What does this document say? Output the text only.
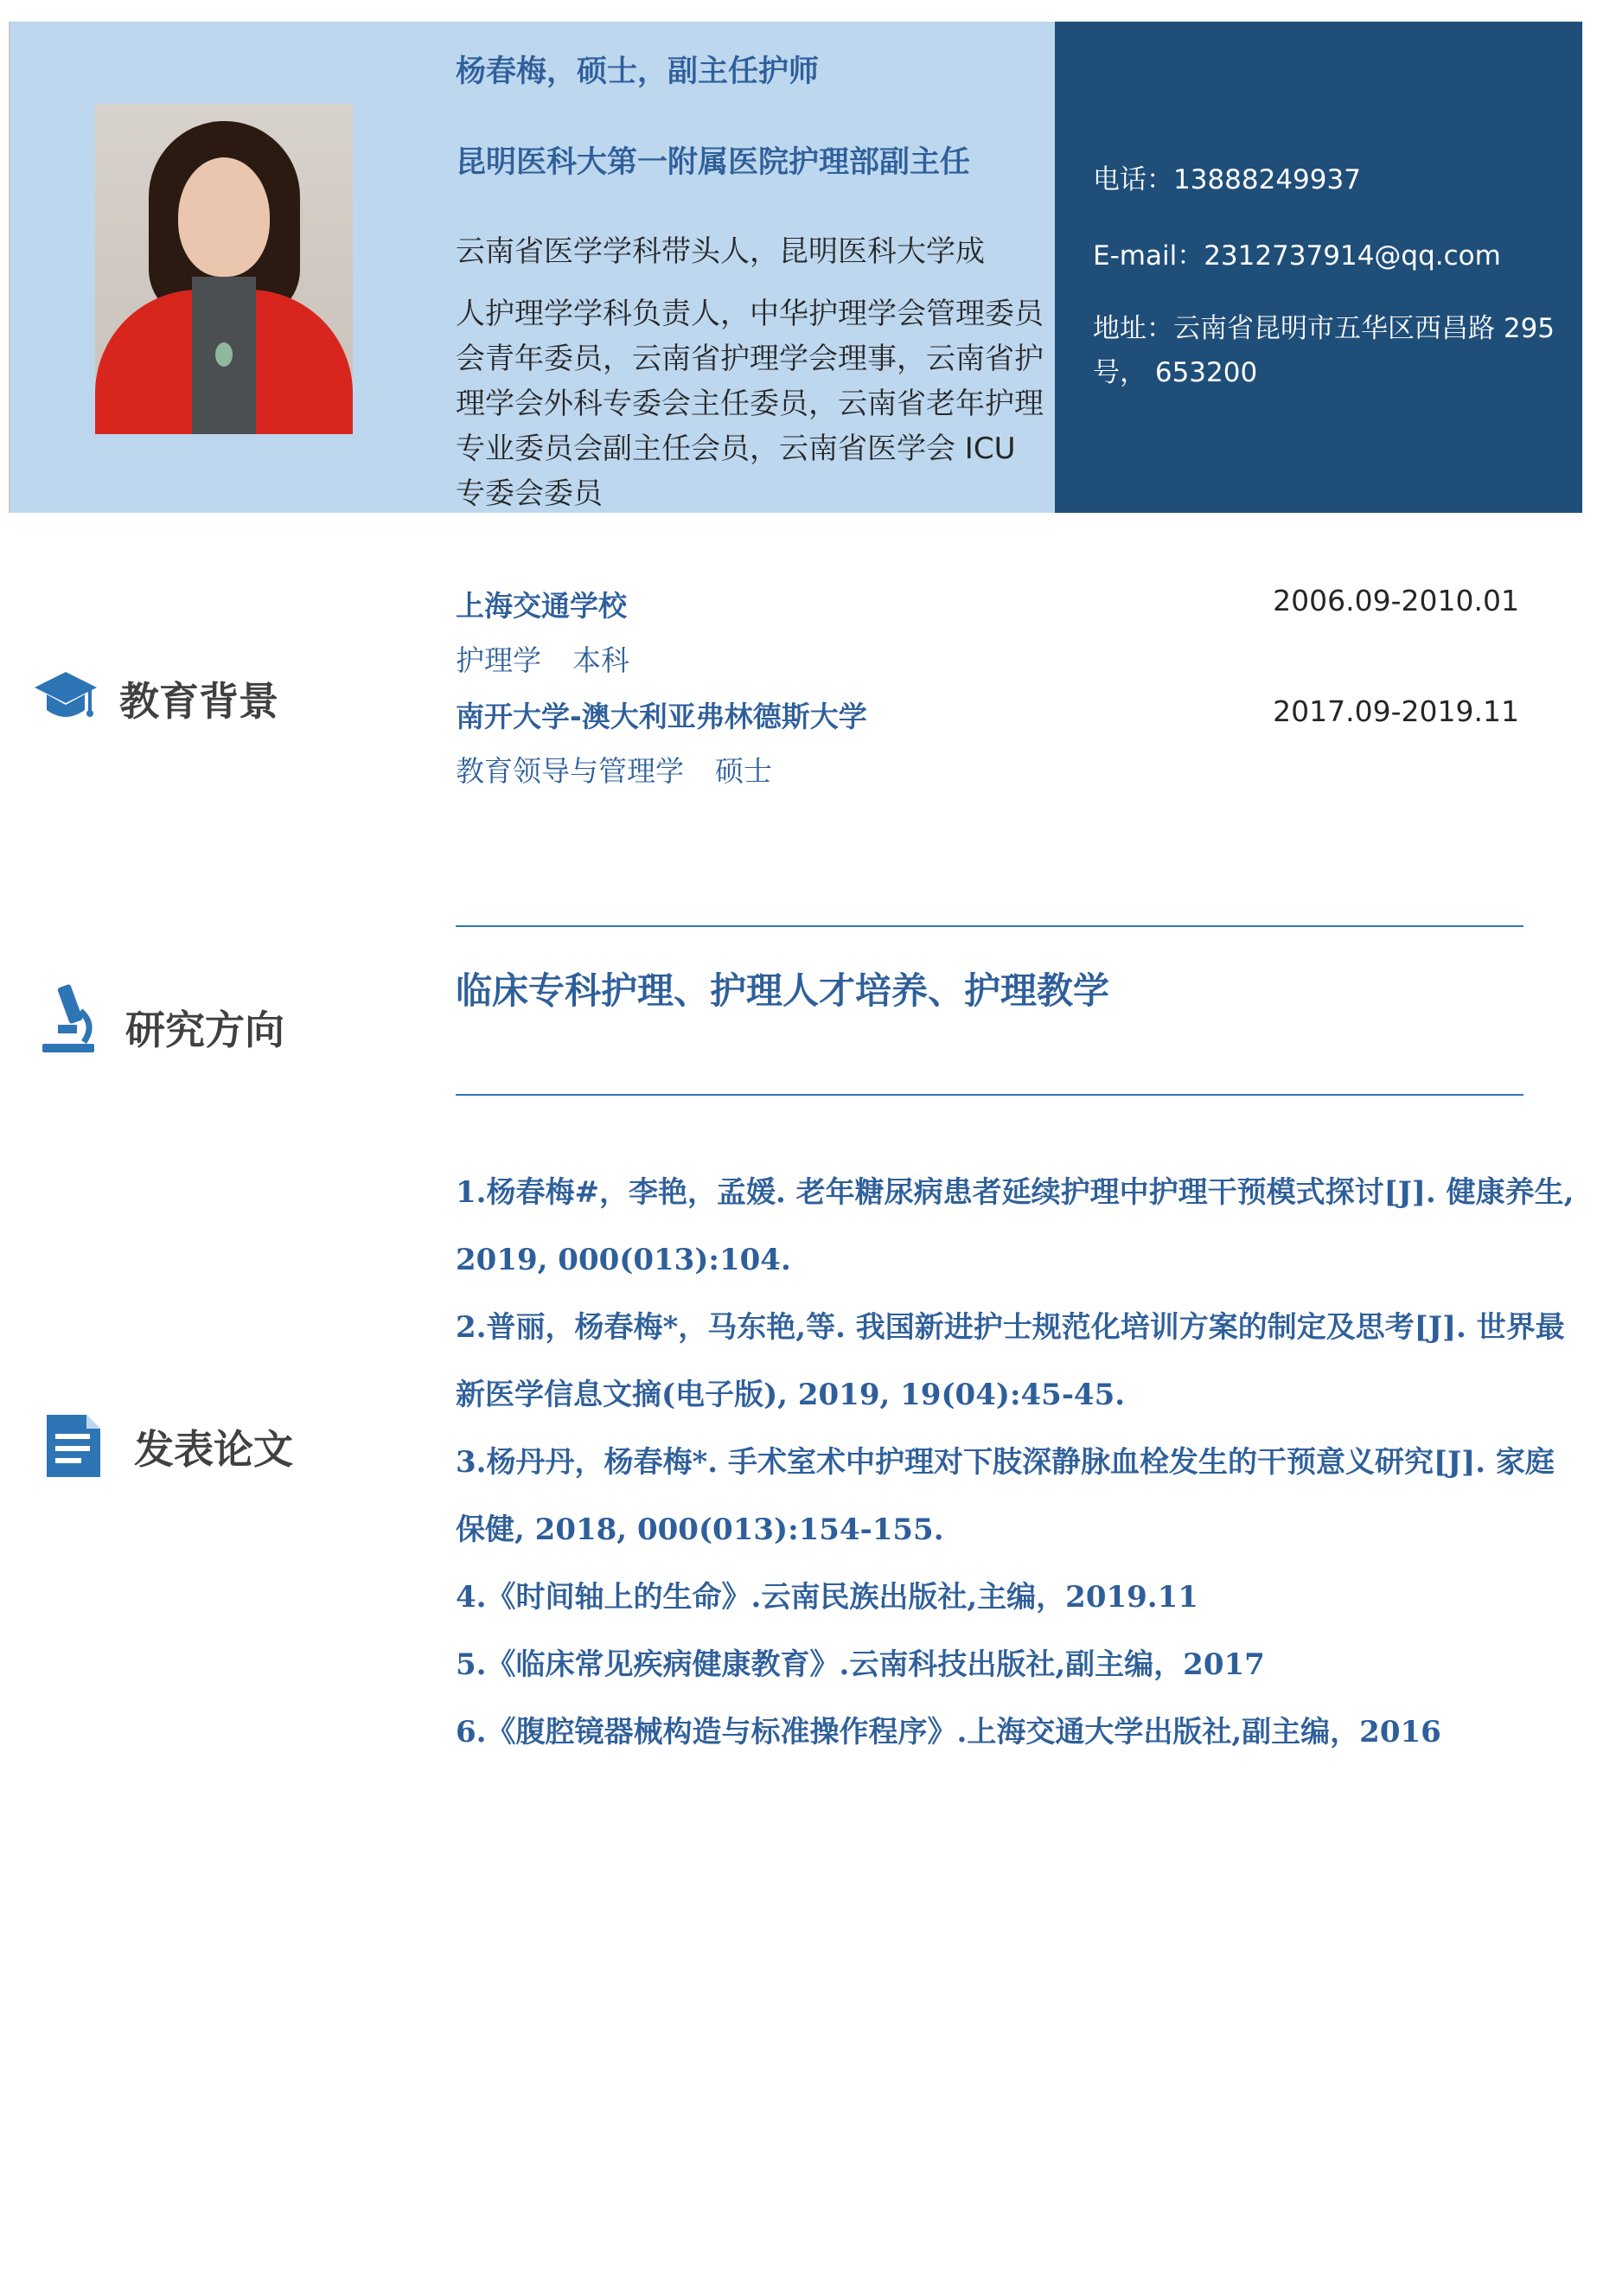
杨春梅，硕士，副主任护师
昆明医科大第一附属医院护理部副主任
云南省医学学科带头人，昆明医科大学成
人护理学学科负责人，中华护理学会管理委员会青年委员，云南省护理学会理事，云南省护理学会外科专委会主任委员，云南省老年护理专业委员会副主任会员，云南省医学会 ICU 专委会委员
电话：13888249937
E-mail：2312737914@qq.com
地址：云南省昆明市五华区西昌路 295 号， 653200
教育背景
上海交通学校	2006.09-2010.01
护理学 本科
南开大学-澳大利亚弗林德斯大学	2017.09-2019.11
教育领导与管理学 硕士
研究方向
临床专科护理、护理人才培养、护理教学
发表论文
1.杨春梅#，李艳，孟媛. 老年糖尿病患者延续护理中护理干预模式探讨[J]. 健康养生, 2019, 000(013):104.
2.普丽，杨春梅*，马东艳,等. 我国新进护士规范化培训方案的制定及思考[J]. 世界最新医学信息文摘(电子版), 2019, 19(04):45-45.
3.杨丹丹，杨春梅*. 手术室术中护理对下肢深静脉血栓发生的干预意义研究[J]. 家庭保健, 2018, 000(013):154-155.
4.《时间轴上的生命》.云南民族出版社,主编，2019.11
5.《临床常见疾病健康教育》.云南科技出版社,副主编，2017
6.《腹腔镜器械构造与标准操作程序》.上海交通大学出版社,副主编，2016
